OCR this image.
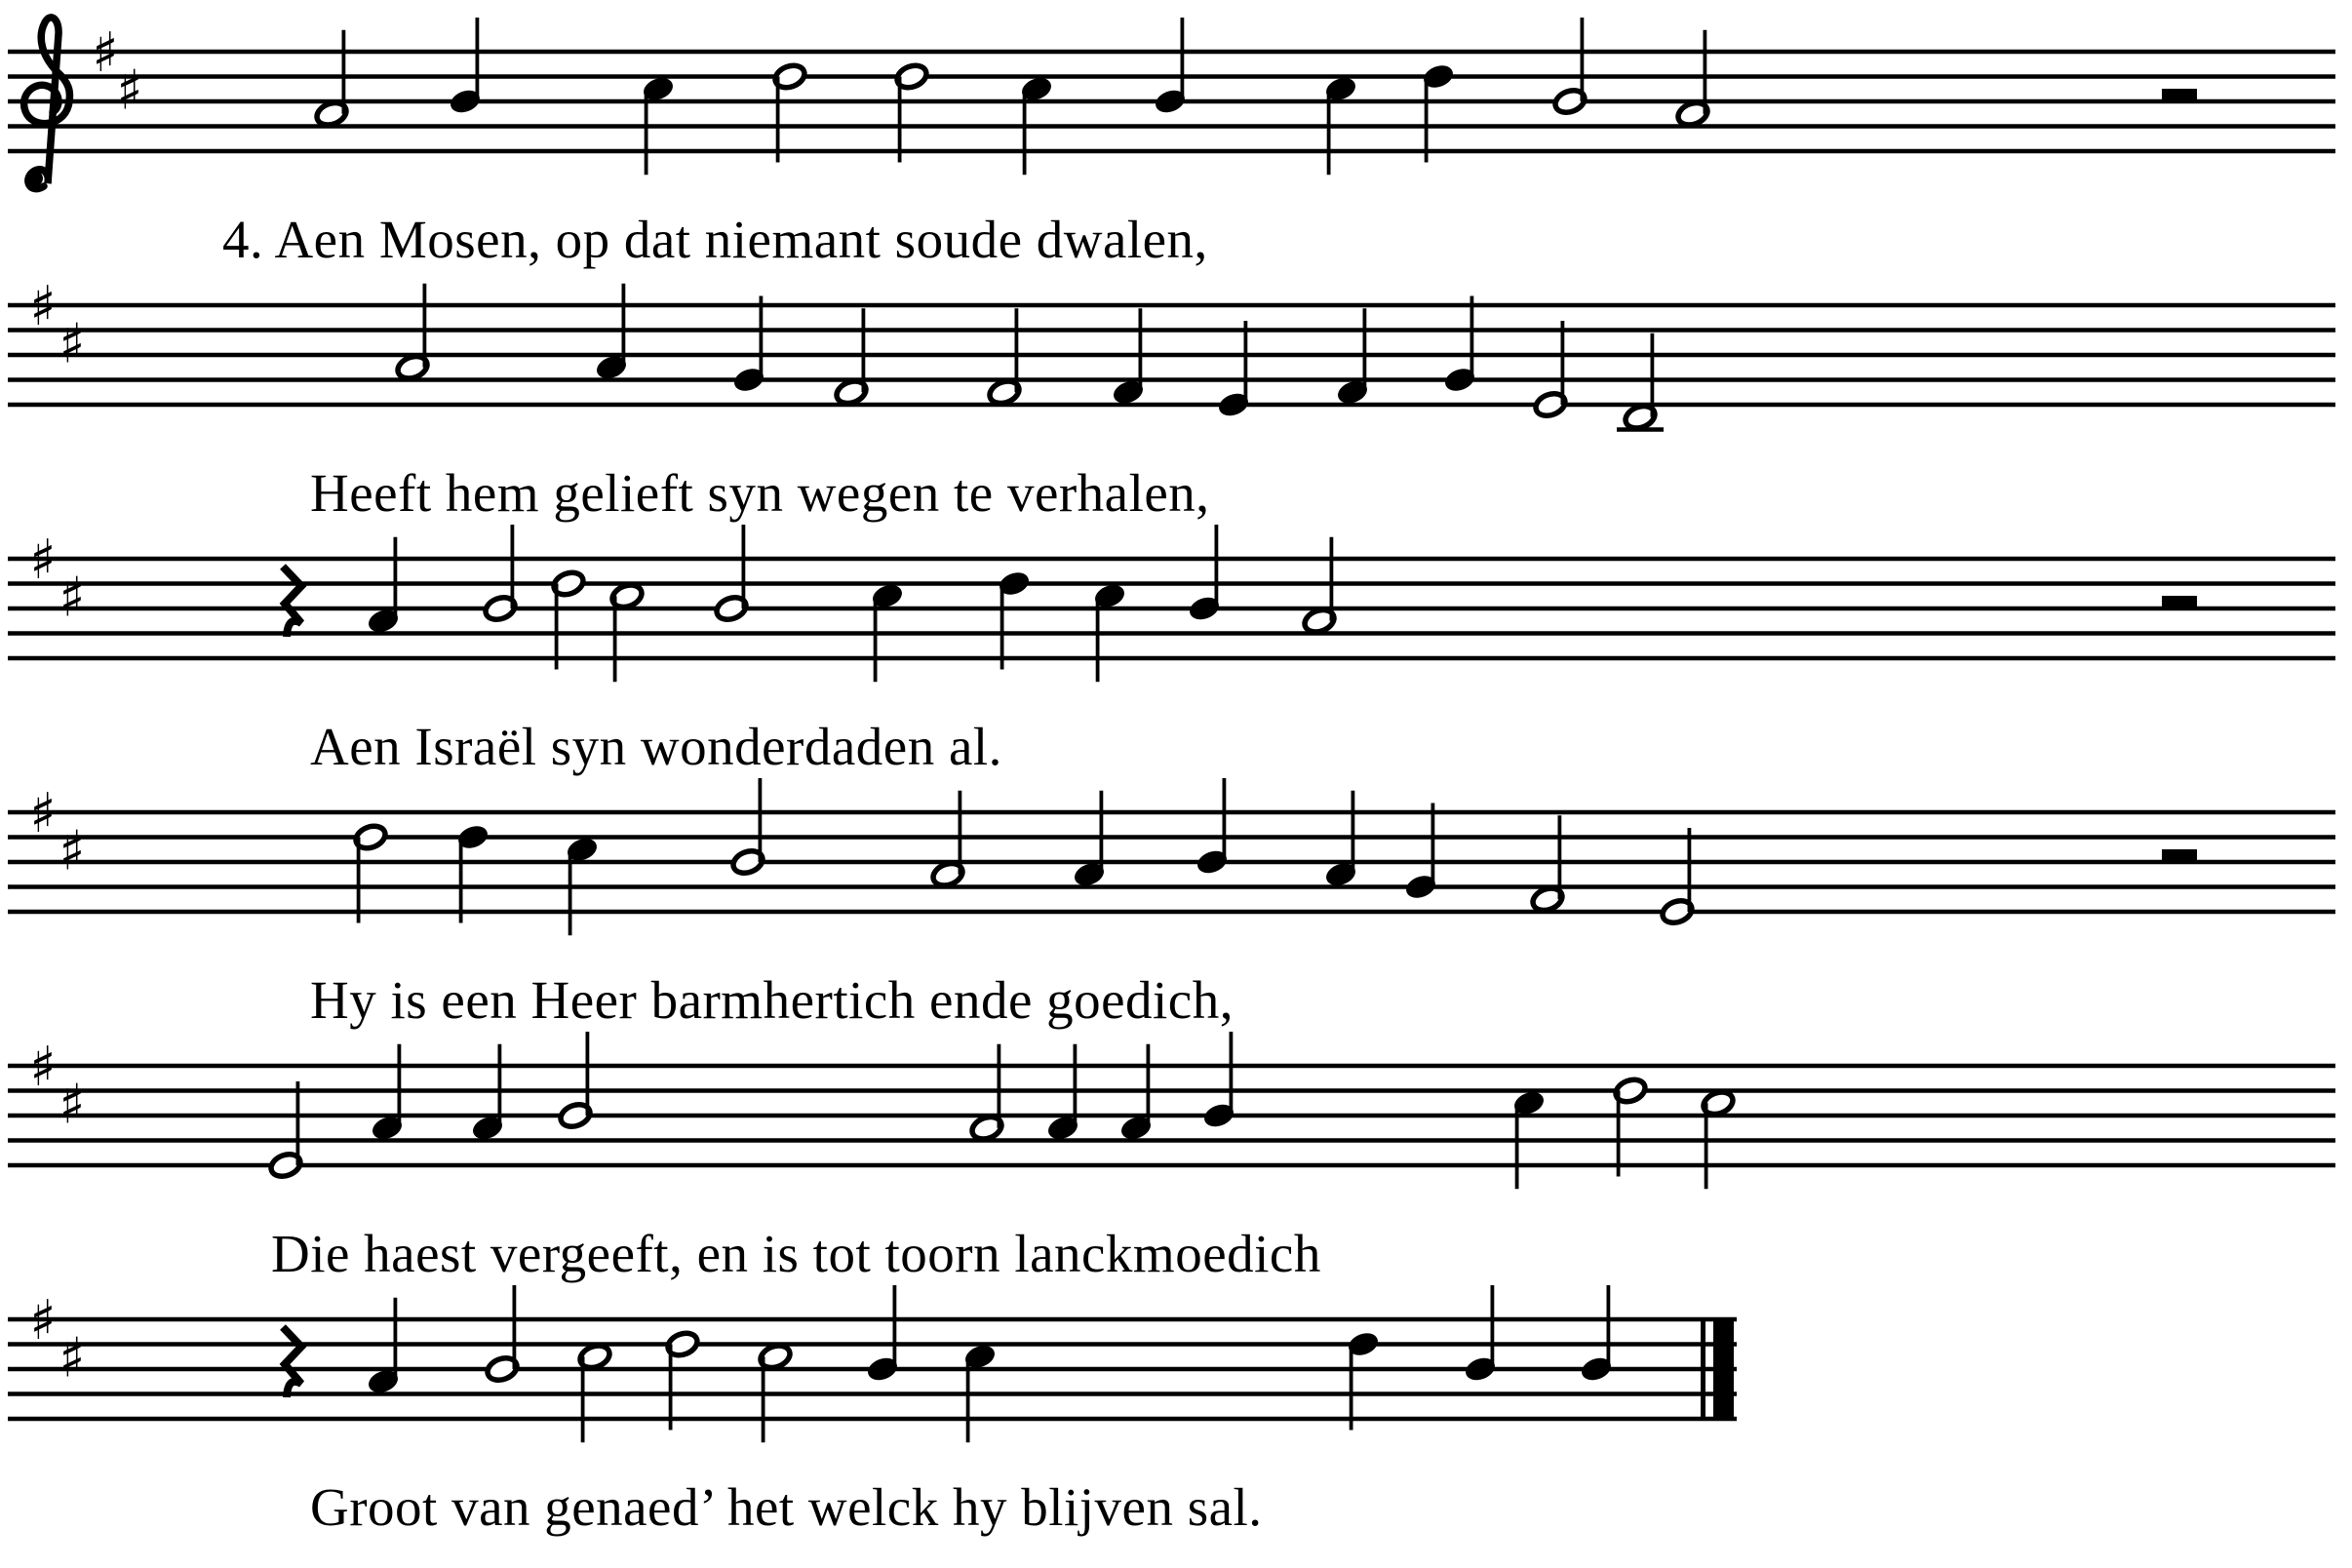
♯
♯
♯
♯
♯
♯
♯
♯
♯
♯
♯
♯
4. Aen Mosen, op dat niemant soude dwalen,
Heeft hem gelieft syn wegen te verhalen,
Aen Israël syn wonderdaden al.
Hy is een Heer barmhertich ende goedich,
Die haest vergeeft, en is tot toorn lanckmoedich
Groot van genaed’ het welck hy blijven sal.
